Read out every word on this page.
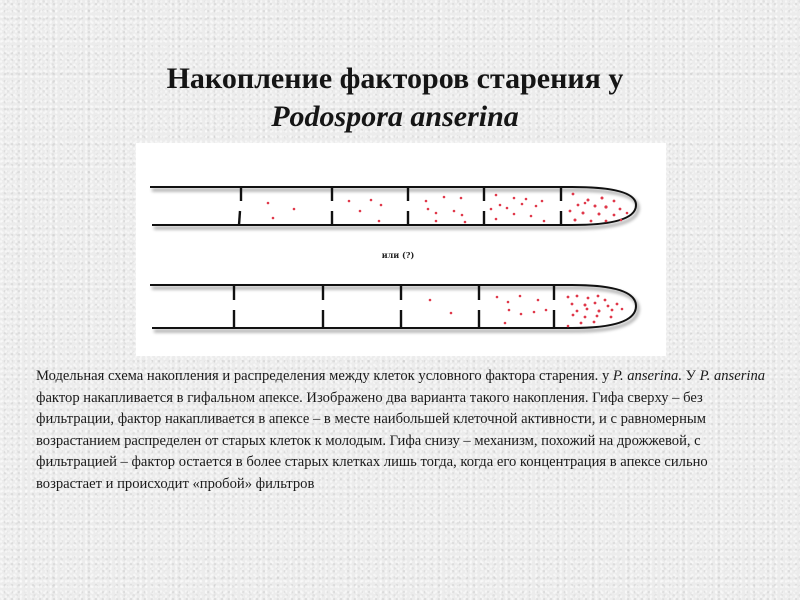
Накопление факторов старения у
Podospora anserina
или (?)
Модельная схема накопления и распределения между клеток условного фактора старения. у P. anserina. У P. anserina фактор накапливается в гифальном апексе. Изображено два варианта такого накопления. Гифа сверху – без фильтрации, фактор накапливается в апексе – в месте наибольшей клеточной активности, и с равномерным возрастанием распределен от старых клеток к молодым. Гифа снизу – механизм, похожий на дрожжевой, с фильтрацией – фактор остается в более старых клетках лишь тогда, когда его концентрация в апексе сильно возрастает и происходит «пробой» фильтров
